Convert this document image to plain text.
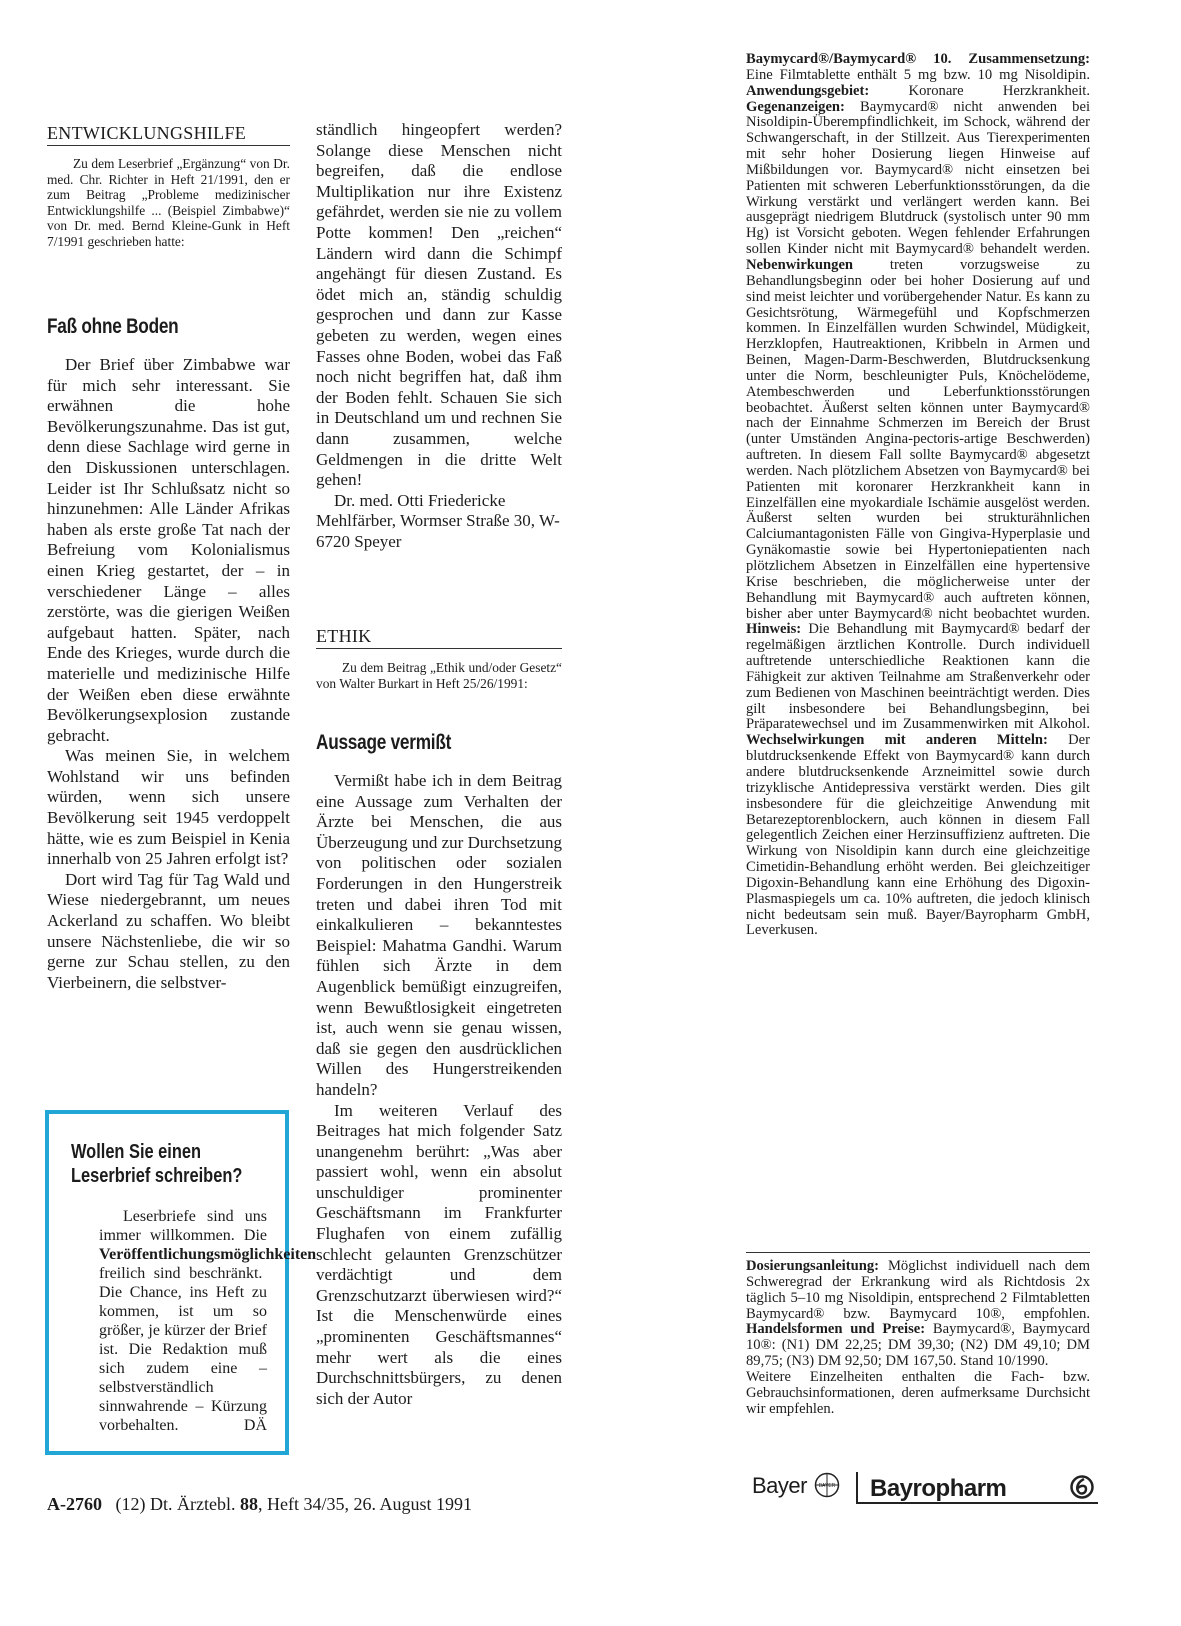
ENTWICKLUNGSHILFE

Zu dem Leserbrief „Ergänzung“ von Dr. med. Chr. Richter in Heft 21/1991, den er zum Beitrag „Probleme medizinischer Entwicklungshilfe ... (Beispiel Zimbabwe)“ von Dr. med. Bernd Kleine-Gunk in Heft 7/1991 geschrieben hatte:

Faß ohne Boden

Der Brief über Zimbabwe war für mich sehr interessant. Sie erwähnen die hohe Bevölkerungszunahme. Das ist gut, denn diese Sachlage wird gerne in den Diskussionen unterschlagen. Leider ist Ihr Schlußsatz nicht so hinzunehmen: Alle Länder Afrikas haben als erste große Tat nach der Befreiung vom Kolonialismus einen Krieg gestartet, der – in verschiedener Länge – alles zerstörte, was die gierigen Weißen aufgebaut hatten. Später, nach Ende des Krieges, wurde durch die materielle und medizinische Hilfe der Weißen eben diese erwähnte Bevölkerungsexplosion zustande gebracht.

Was meinen Sie, in welchem Wohlstand wir uns befinden würden, wenn sich unsere Bevölkerung seit 1945 verdoppelt hätte, wie es zum Beispiel in Kenia innerhalb von 25 Jahren erfolgt ist?

Dort wird Tag für Tag Wald und Wiese niedergebrannt, um neues Ackerland zu schaffen. Wo bleibt unsere Nächstenliebe, die wir so gerne zur Schau stellen, zu den Vierbeinern, die selbstver-

Wollen Sie einen
Leserbrief schreiben?

Leserbriefe sind uns immer willkommen. Die Veröffentlichungsmöglichkeiten freilich sind beschränkt. Die Chance, ins Heft zu kommen, ist um so größer, je kürzer der Brief ist. Die Redaktion muß sich zudem eine – selbstverständlich sinnwahrende – Kürzung vorbehalten.	DÄ

ständlich hingeopfert werden? Solange diese Menschen nicht begreifen, daß die endlose Multiplikation nur ihre Existenz gefährdet, werden sie nie zu vollem Potte kommen! Den „reichen“ Ländern wird dann die Schimpf angehängt für diesen Zustand. Es ödet mich an, ständig schuldig gesprochen und dann zur Kasse gebeten zu werden, wegen eines Fasses ohne Boden, wobei das Faß noch nicht begriffen hat, daß ihm der Boden fehlt. Schauen Sie sich in Deutschland um und rechnen Sie dann zusammen, welche Geldmengen in die dritte Welt gehen!

Dr. med. Otti Friedericke Mehlfärber, Wormser Straße 30, W-6720 Speyer

ETHIK

Zu dem Beitrag „Ethik und/oder Gesetz“ von Walter Burkart in Heft 25/26/1991:

Aussage vermißt

Vermißt habe ich in dem Beitrag eine Aussage zum Verhalten der Ärzte bei Menschen, die aus Überzeugung und zur Durchsetzung von politischen oder sozialen Forderungen in den Hungerstreik treten und dabei ihren Tod mit einkalkulieren – bekanntestes Beispiel: Mahatma Gandhi. Warum fühlen sich Ärzte in dem Augenblick bemüßigt einzugreifen, wenn Bewußtlosigkeit eingetreten ist, auch wenn sie genau wissen, daß sie gegen den ausdrücklichen Willen des Hungerstreikenden handeln?

Im weiteren Verlauf des Beitrages hat mich folgender Satz unangenehm berührt: „Was aber passiert wohl, wenn ein absolut unschuldiger prominenter Geschäftsmann im Frankfurter Flughafen von einem zufällig schlecht gelaunten Grenzschützer verdächtigt und dem Grenzschutzarzt überwiesen wird?“ Ist die Menschenwürde eines „prominenten Geschäftsmannes“ mehr wert als die eines Durchschnittsbürgers, zu denen sich der Autor

Baymycard®/Baymycard® 10. Zusammensetzung: Eine Filmtablette enthält 5 mg bzw. 10 mg Nisoldipin. Anwendungsgebiet: Koronare Herzkrankheit. Gegenanzeigen: Baymycard® nicht anwenden bei Nisoldipin-Überempfindlichkeit, im Schock, während der Schwangerschaft, in der Stillzeit. Aus Tierexperimenten mit sehr hoher Dosierung liegen Hinweise auf Mißbildungen vor. Baymycard® nicht einsetzen bei Patienten mit schweren Leberfunktionsstörungen, da die Wirkung verstärkt und verlängert werden kann. Bei ausgeprägt niedrigem Blutdruck (systolisch unter 90 mm Hg) ist Vorsicht geboten. Wegen fehlender Erfahrungen sollen Kinder nicht mit Baymycard® behandelt werden. Nebenwirkungen treten vorzugsweise zu Behandlungsbeginn oder bei hoher Dosierung auf und sind meist leichter und vorübergehender Natur. Es kann zu Gesichtsrötung, Wärmegefühl und Kopfschmerzen kommen. In Einzelfällen wurden Schwindel, Müdigkeit, Herzklopfen, Hautreaktionen, Kribbeln in Armen und Beinen, Magen-Darm-Beschwerden, Blutdrucksenkung unter die Norm, beschleunigter Puls, Knöchelödeme, Atembeschwerden und Leberfunktionsstörungen beobachtet. Äußerst selten können unter Baymycard® nach der Einnahme Schmerzen im Bereich der Brust (unter Umständen Angina-pectoris-artige Beschwerden) auftreten. In diesem Fall sollte Baymycard® abgesetzt werden. Nach plötzlichem Absetzen von Baymycard® bei Patienten mit koronarer Herzkrankheit kann in Einzelfällen eine myokardiale Ischämie ausgelöst werden. Äußerst selten wurden bei strukturähnlichen Calciumantagonisten Fälle von Gingiva-Hyperplasie und Gynäkomastie sowie bei Hypertoniepatienten nach plötzlichem Absetzen in Einzelfällen eine hypertensive Krise beschrieben, die möglicherweise unter der Behandlung mit Baymycard® auch auftreten können, bisher aber unter Baymycard® nicht beobachtet wurden. Hinweis: Die Behandlung mit Baymycard® bedarf der regelmäßigen ärztlichen Kontrolle. Durch individuell auftretende unterschiedliche Reaktionen kann die Fähigkeit zur aktiven Teilnahme am Straßenverkehr oder zum Bedienen von Maschinen beeinträchtigt werden. Dies gilt insbesondere bei Behandlungsbeginn, bei Präparatewechsel und im Zusammenwirken mit Alkohol. Wechselwirkungen mit anderen Mitteln: Der blutdrucksenkende Effekt von Baymycard® kann durch andere blutdrucksenkende Arzneimittel sowie durch trizyklische Antidepressiva verstärkt werden. Dies gilt insbesondere für die gleichzeitige Anwendung mit Betarezeptorenblockern, auch können in diesem Fall gelegentlich Zeichen einer Herzinsuffizienz auftreten. Die Wirkung von Nisoldipin kann durch eine gleichzeitige Cimetidin-Behandlung erhöht werden. Bei gleichzeitiger Digoxin-Behandlung kann eine Erhöhung des Digoxin-Plasmaspiegels um ca. 10% auftreten, die jedoch klinisch nicht bedeutsam sein muß. Bayer/Bayropharm GmbH, Leverkusen.

Dosierungsanleitung: Möglichst individuell nach dem Schweregrad der Erkrankung wird als Richtdosis 2x täglich 5–10 mg Nisoldipin, entsprechend 2 Filmtabletten Baymycard® bzw. Baymycard 10®, empfohlen. Handelsformen und Preise: Baymycard®, Baymycard 10®: (N1) DM 22,25; DM 39,30; (N2) DM 49,10; DM 89,75; (N3) DM 92,50; DM 167,50. Stand 10/1990.

Weitere Einzelheiten enthalten die Fach- bzw. Gebrauchsinformationen, deren aufmerksame Durchsicht wir empfehlen.

Bayer BAYER Bayropharm
A-2760 (12) Dt. Ärztebl. 88, Heft 34/35, 26. August 1991
